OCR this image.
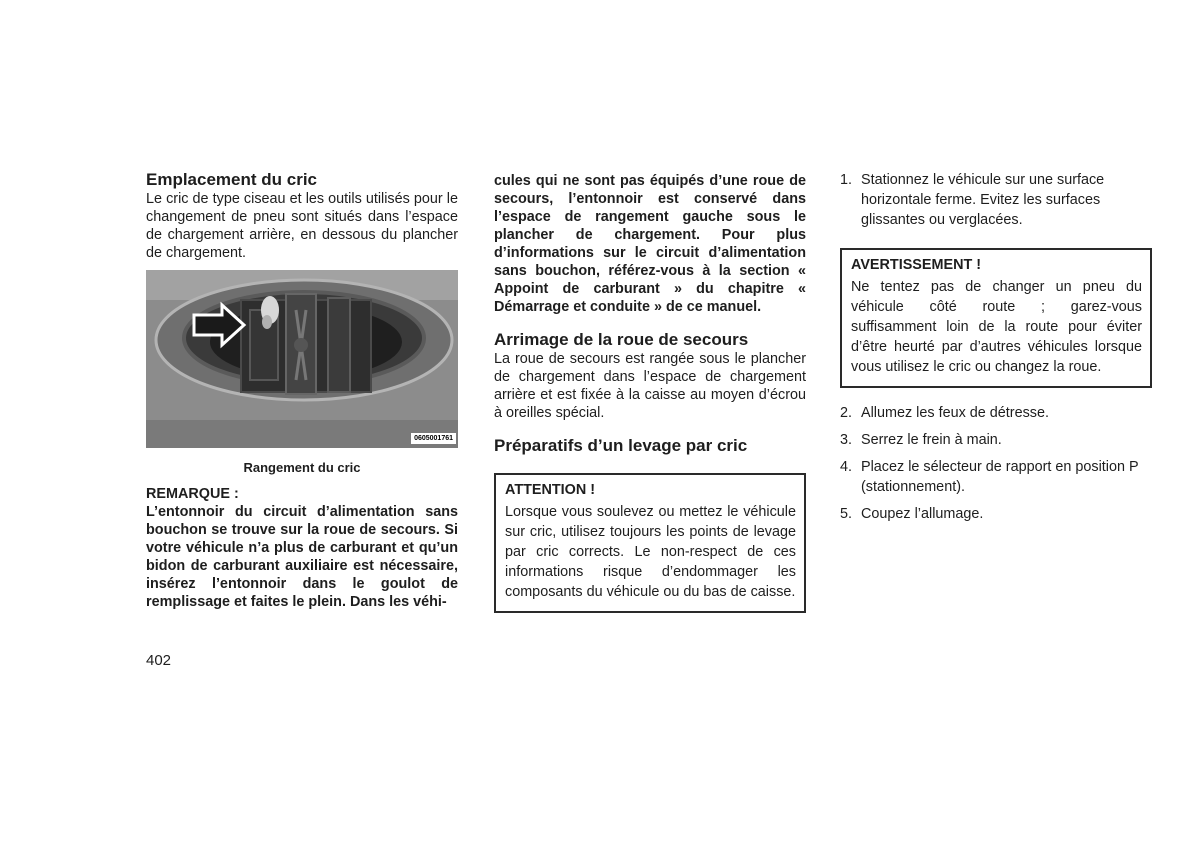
Emplacement du cric

Le cric de type ciseau et les outils utilisés pour le changement de pneu sont situés dans l’espace de chargement arrière, en dessous du plancher de chargement.

0605001761
Rangement du cric

REMARQUE :

L’entonnoir du circuit d’alimentation sans bouchon se trouve sur la roue de secours. Si votre véhicule n’a plus de carburant et qu’un bidon de carburant auxiliaire est nécessaire, insérez l’entonnoir dans le goulot de remplissage et faites le plein. Dans les véhi-

cules qui ne sont pas équipés d’une roue de secours, l’entonnoir est conservé dans l’espace de rangement gauche sous le plancher de chargement. Pour plus d’informations sur le circuit d’alimentation sans bouchon, référez-vous à la section « Appoint de carburant » du chapitre « Démarrage et conduite » de ce manuel.

Arrimage de la roue de secours

La roue de secours est rangée sous le plancher de chargement dans l’espace de chargement arrière et est fixée à la caisse au moyen d’écrou à oreilles spécial.

Préparatifs d’un levage par cric
ATTENTION !

Lorsque vous soulevez ou mettez le véhicule sur cric, utilisez toujours les points de levage par cric corrects. Le non-respect de ces informations risque d’endommager les composants du véhicule ou du bas de caisse.

1. Stationnez le véhicule sur une surface horizontale ferme. Evitez les surfaces glissantes ou verglacées.
AVERTISSEMENT !

Ne tentez pas de changer un pneu du véhicule côté route ; garez-vous suffisamment loin de la route pour éviter d’être heurté par d’autres véhicules lorsque vous utilisez le cric ou changez la roue.

2. Allumez les feux de détresse.
3. Serrez le frein à main.
4. Placez le sélecteur de rapport en position P (stationnement).
5. Coupez l’allumage.
402
